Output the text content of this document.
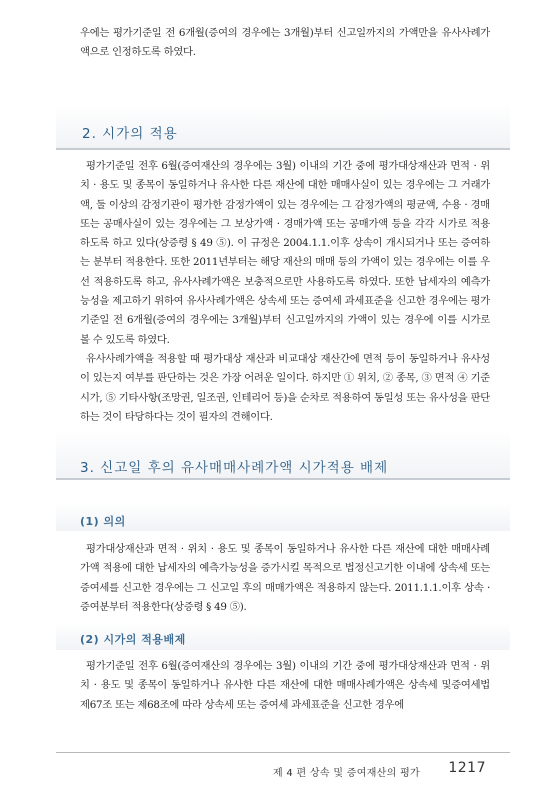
우에는 평가기준일 전 6개월(증여의 경우에는 3개월)부터 신고일까지의 가액만을 유사사례가액으로 인정하도록 하였다.

2. 시가의 적용

평가기준일 전후 6월(증여재산의 경우에는 3월) 이내의 기간 중에 평가대상재산과 면적 · 위치 · 용도 및 종목이 동일하거나 유사한 다른 재산에 대한 매매사실이 있는 경우에는 그 거래가액, 둘 이상의 감정기관이 평가한 감정가액이 있는 경우에는 그 감정가액의 평균액, 수용 · 경매 또는 공매사실이 있는 경우에는 그 보상가액 · 경매가액 또는 공매가액 등을 각각 시가로 적용하도록 하고 있다(상증령 § 49 ⑤). 이 규정은 2004.1.1.이후 상속이 개시되거나 또는 증여하는 분부터 적용한다. 또한 2011년부터는 해당 재산의 매매 등의 가액이 있는 경우에는 이를 우선 적용하도록 하고, 유사사례가액은 보충적으로만 사용하도록 하였다. 또한 납세자의 예측가능성을 제고하기 위하여 유사사례가액은 상속세 또는 증여세 과세표준을 신고한 경우에는 평가기준일 전 6개월(증여의 경우에는 3개월)부터 신고일까지의 가액이 있는 경우에 이를 시가로 볼 수 있도록 하였다.

유사사례가액을 적용할 때 평가대상 재산과 비교대상 재산간에 면적 등이 동일하거나 유사성이 있는지 여부를 판단하는 것은 가장 어려운 일이다. 하지만 ① 위치, ② 종목, ③ 면적 ④ 기준시가, ⑤ 기타사항(조망권, 일조권, 인테리어 등)을 순차로 적용하여 동일성 또는 유사성을 판단하는 것이 타당하다는 것이 필자의 견해이다.

3. 신고일 후의 유사매매사례가액 시가적용 배제
(1) 의의

평가대상재산과 면적 · 위치 · 용도 및 종목이 동일하거나 유사한 다른 재산에 대한 매매사례가액 적용에 대한 납세자의 예측가능성을 증가시킬 목적으로 법정신고기한 이내에 상속세 또는 증여세를 신고한 경우에는 그 신고일 후의 매매가액은 적용하지 않는다. 2011.1.1.이후 상속 · 증여분부터 적용한다(상증령 § 49 ⑤).

(2) 시가의 적용배제

평가기준일 전후 6월(증여재산의 경우에는 3월) 이내의 기간 중에 평가대상재산과 면적 · 위치 · 용도 및 종목이 동일하거나 유사한 다른 재산에 대한 매매사례가액은 상속세 및증여세법 제67조 또는 제68조에 따라 상속세 또는 증여세 과세표준을 신고한 경우에

제 4 편 상속 및 증여재산의 평가	1217
